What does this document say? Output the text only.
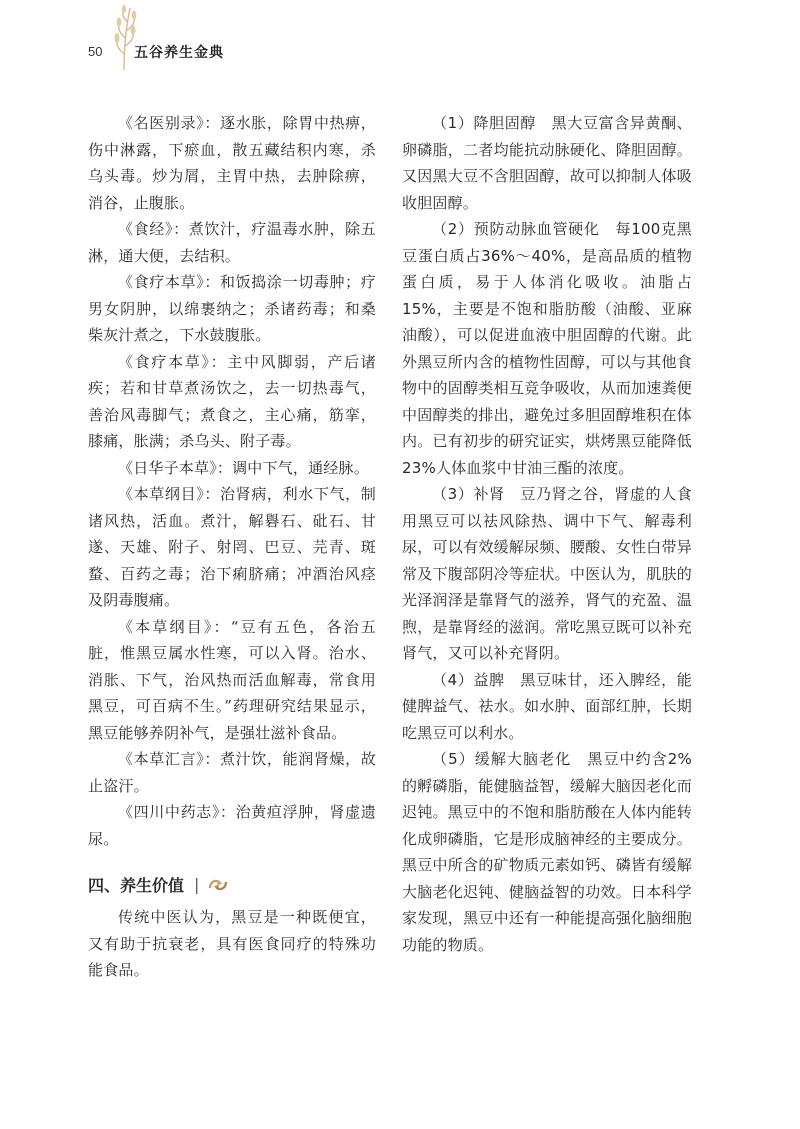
50 五谷养生金典

《名医别录》：逐水胀，除胃中热痹，伤中淋露，下瘀血，散五藏结积内寒，杀乌头毒。炒为屑，主胃中热，去肿除痹，消谷，止腹胀。

《食经》：煮饮汁，疗温毒水肿，除五淋，通大便，去结积。

《食疗本草》：和饭捣涂一切毒肿；疗男女阴肿，以绵裹纳之；杀诸药毒；和桑柴灰汁煮之，下水鼓腹胀。

《食疗本草》：主中风脚弱，产后诸疾；若和甘草煮汤饮之，去一切热毒气，善治风毒脚气；煮食之，主心痛，筋挛，膝痛，胀满；杀乌头、附子毒。

《日华子本草》：调中下气，通经脉。

《本草纲目》：治肾病，利水下气，制诸风热，活血。煮汁，解礜石、砒石、甘遂、天雄、附子、射罔、巴豆、芫青、斑蝥、百药之毒；治下痢脐痛；冲酒治风痉及阴毒腹痛。

《本草纲目》：“豆有五色，各治五脏，惟黑豆属水性寒，可以入肾。治水、消胀、下气，治风热而活血解毒，常食用黑豆，可百病不生。”药理研究结果显示，黑豆能够养阴补气，是强壮滋补食品。

《本草汇言》：煮汁饮，能润肾燥，故止盗汗。

《四川中药志》：治黄疸浮肿，肾虚遗尿。

四、养生价值 |

传统中医认为，黑豆是一种既便宜，又有助于抗衰老，具有医食同疗的特殊功能食品。

（1）降胆固醇　黑大豆富含异黄酮、卵磷脂，二者均能抗动脉硬化、降胆固醇。又因黑大豆不含胆固醇，故可以抑制人体吸收胆固醇。

（2）预防动脉血管硬化　每100克黑豆蛋白质占36%～40%，是高品质的植物蛋白质，易于人体消化吸收。油脂占15%，主要是不饱和脂肪酸（油酸、亚麻油酸），可以促进血液中胆固醇的代谢。此外黑豆所内含的植物性固醇，可以与其他食物中的固醇类相互竞争吸收，从而加速粪便中固醇类的排出，避免过多胆固醇堆积在体内。已有初步的研究证实，烘烤黑豆能降低23%人体血浆中甘油三酯的浓度。

（3）补肾　豆乃肾之谷，肾虚的人食用黑豆可以祛风除热、调中下气、解毒利尿，可以有效缓解尿频、腰酸、女性白带异常及下腹部阴冷等症状。中医认为，肌肤的光泽润泽是靠肾气的滋养，肾气的充盈、温煦，是靠肾经的滋润。常吃黑豆既可以补充肾气，又可以补充肾阴。

（4）益脾　黑豆味甘，还入脾经，能健脾益气、祛水。如水肿、面部红肿，长期吃黑豆可以利水。

（5）缓解大脑老化　黑豆中约含2%的孵磷脂，能健脑益智，缓解大脑因老化而迟钝。黑豆中的不饱和脂肪酸在人体内能转化成卵磷脂，它是形成脑神经的主要成分。黑豆中所含的矿物质元素如钙、磷皆有缓解大脑老化迟钝、健脑益智的功效。日本科学家发现，黑豆中还有一种能提高强化脑细胞功能的物质。
